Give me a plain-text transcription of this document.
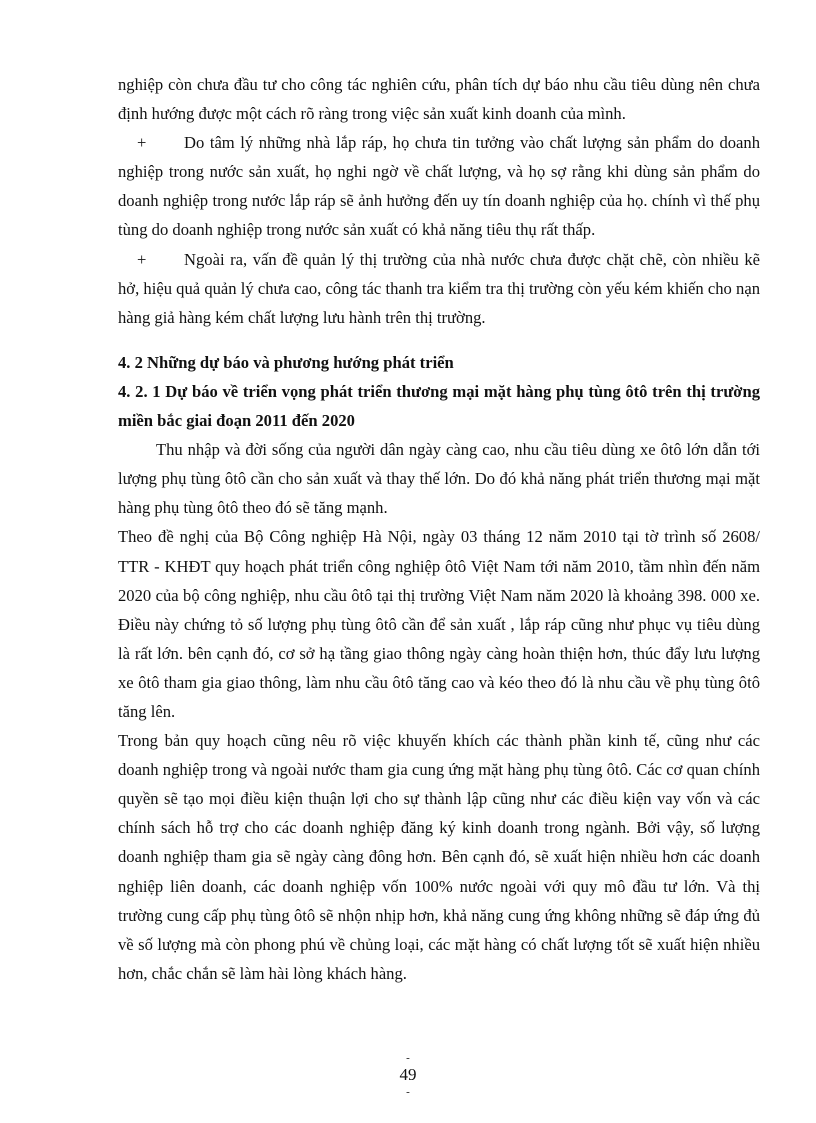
nghiệp còn chưa đầu tư cho công tác nghiên cứu, phân tích dự báo nhu cầu tiêu dùng nên chưa định hướng được một cách rõ ràng trong việc sản xuất kinh doanh của mình.

+ Do tâm lý những nhà lắp ráp, họ chưa tin tưởng vào chất lượng sản phẩm do doanh nghiệp trong nước sản xuất, họ nghi ngờ về chất lượng, và họ sợ rằng khi dùng sản phẩm do doanh nghiệp trong nước lắp ráp sẽ ảnh hưởng đến uy tín doanh nghiệp của họ. chính vì thế phụ tùng do doanh nghiệp trong nước sản xuất có khả năng tiêu thụ rất thấp.

+ Ngoài ra, vấn đề quản lý thị trường của nhà nước chưa được chặt chẽ, còn nhiều kẽ hở, hiệu quả quản lý chưa cao, công tác thanh tra kiểm tra thị trường còn yếu kém khiến cho nạn hàng giả hàng kém chất lượng lưu hành trên thị trường.

4. 2 Những dự báo và phương hướng phát triển

4. 2. 1 Dự báo về triển vọng phát triển thương mại mặt hàng phụ tùng ôtô trên thị trường miền bắc giai đoạn 2011 đến 2020

Thu nhập và đời sống của người dân ngày càng cao, nhu cầu tiêu dùng xe ôtô lớn dẫn tới lượng phụ tùng ôtô cần cho sản xuất và thay thế lớn. Do đó khả năng phát triển thương mại mặt hàng phụ tùng ôtô theo đó sẽ tăng mạnh.

Theo đề nghị của Bộ Công nghiệp Hà Nội, ngày 03 tháng 12 năm 2010 tại tờ trình số 2608/ TTR - KHĐT quy hoạch phát triển công nghiệp ôtô Việt Nam tới năm 2010, tầm nhìn đến năm 2020 của bộ công nghiệp, nhu cầu ôtô tại thị trường Việt Nam năm 2020 là khoảng 398. 000 xe. Điều này chứng tỏ số lượng phụ tùng ôtô cần để sản xuất , lắp ráp cũng như phục vụ tiêu dùng là rất lớn. bên cạnh đó, cơ sở hạ tầng giao thông ngày càng hoàn thiện hơn, thúc đẩy lưu lượng xe ôtô tham gia giao thông, làm nhu cầu ôtô tăng cao và kéo theo đó là nhu cầu về phụ tùng ôtô tăng lên.

Trong bản quy hoạch cũng nêu rõ việc khuyến khích các thành phần kinh tế, cũng như các doanh nghiệp trong và ngoài nước tham gia cung ứng mặt hàng phụ tùng ôtô. Các cơ quan chính quyền sẽ tạo mọi điều kiện thuận lợi cho sự thành lập cũng như các điều kiện vay vốn và các chính sách hỗ trợ cho các doanh nghiệp đăng ký kinh doanh trong ngành. Bởi vậy, số lượng doanh nghiệp tham gia sẽ ngày càng đông hơn. Bên cạnh đó, sẽ xuất hiện nhiều hơn các doanh nghiệp liên doanh, các doanh nghiệp vốn 100% nước ngoài với quy mô đầu tư lớn. Và thị trường cung cấp phụ tùng ôtô sẽ nhộn nhịp hơn, khả năng cung ứng không những sẽ đáp ứng đủ về số lượng mà còn phong phú về chủng loại, các mặt hàng có chất lượng tốt sẽ xuất hiện nhiều hơn, chắc chắn sẽ làm hài lòng khách hàng.

-
49
-
